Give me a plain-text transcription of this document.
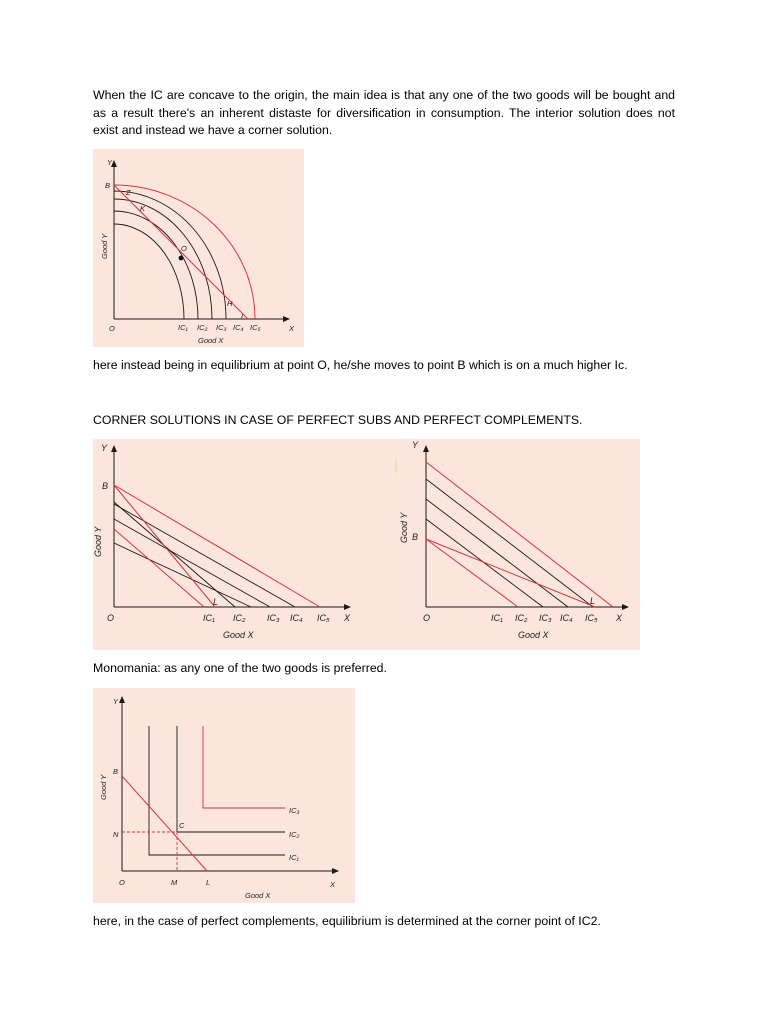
When the IC are concave to the origin, the main idea is that any one of the two goods will be bought and as a result there's an inherent distaste for diversification in consumption. The interior solution does not exist and instead we have a corner solution.

Y
B
Z
K
O
H
L
O	X
IC₁ IC₂ IC₃ IC₄ IC₅
Good X
Good Y

here instead being in equilibrium at point O, he/she moves to point B which is on a much higher Ic.

CORNER SOLUTIONS IN CASE OF PERFECT SUBS AND PERFECT COMPLEMENTS.

Y
B
L
O	X
IC₁ IC₂ IC₃ IC₄ IC₅
Good X
Good Y
Y
B
L
O	X
IC₁ IC₂ IC₃ IC₄ IC₅
Good X
Good Y

Monomania: as any one of the two goods is preferred.

Y
B
N
C
O	M	L	X
IC₃
IC₂
IC₁
Good X
Good Y

here, in the case of perfect complements, equilibrium is determined at the corner point of IC2.
